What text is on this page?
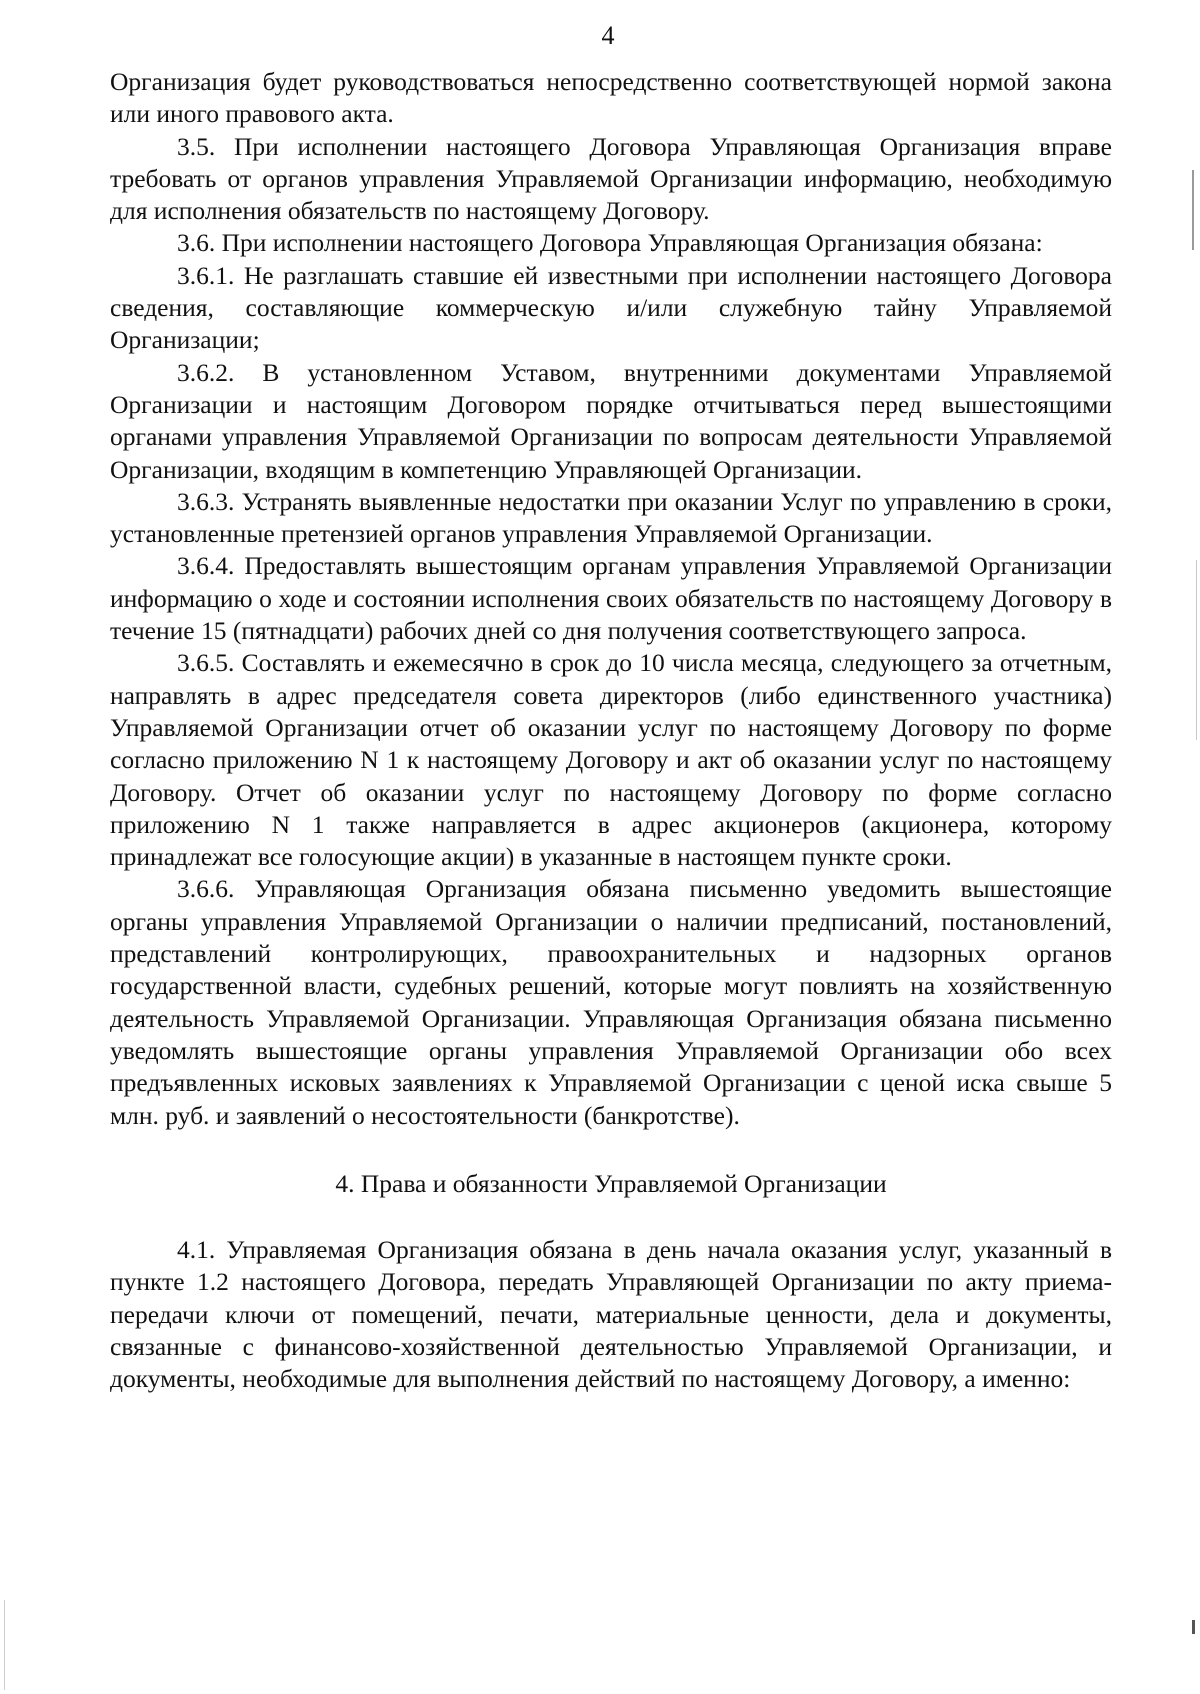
4

Организация будет руководствоваться непосредственно соответствующей нормой закона или иного правового акта.

3.5. При исполнении настоящего Договора Управляющая Организация вправе требовать от органов управления Управляемой Организации информацию, необходимую для исполнения обязательств по настоящему Договору.

3.6. При исполнении настоящего Договора Управляющая Организация обязана:

3.6.1. Не разглашать ставшие ей известными при исполнении настоящего Договора сведения, составляющие коммерческую и/или служебную тайну Управляемой Организации;

3.6.2. В установленном Уставом, внутренними документами Управляемой Организации и настоящим Договором порядке отчитываться перед вышестоящими органами управления Управляемой Организации по вопросам деятельности Управляемой Организации, входящим в компетенцию Управляющей Организации.

3.6.3. Устранять выявленные недостатки при оказании Услуг по управлению в сроки, установленные претензией органов управления Управляемой Организации.

3.6.4. Предоставлять вышестоящим органам управления Управляемой Организации информацию о ходе и состоянии исполнения своих обязательств по настоящему Договору в течение 15 (пятнадцати) рабочих дней со дня получения соответствующего запроса.

3.6.5. Составлять и ежемесячно в срок до 10 числа месяца, следующего за отчетным, направлять в адрес председателя совета директоров (либо единственного участника) Управляемой Организации отчет об оказании услуг по настоящему Договору по форме согласно приложению N 1 к настоящему Договору и акт об оказании услуг по настоящему Договору. Отчет об оказании услуг по настоящему Договору по форме согласно приложению N 1 также направляется в адрес акционеров (акционера, которому принадлежат все голосующие акции) в указанные в настоящем пункте сроки.

3.6.6. Управляющая Организация обязана письменно уведомить вышестоящие органы управления Управляемой Организации о наличии предписаний, постановлений, представлений контролирующих, правоохранительных и надзорных органов государственной власти, судебных решений, которые могут повлиять на хозяйственную деятельность Управляемой Организации. Управляющая Организация обязана письменно уведомлять вышестоящие органы управления Управляемой Организации обо всех предъявленных исковых заявлениях к Управляемой Организации с ценой иска свыше 5 млн. руб. и заявлений о несостоятельности (банкротстве).

4. Права и обязанности Управляемой Организации

4.1. Управляемая Организация обязана в день начала оказания услуг, указанный в пункте 1.2 настоящего Договора, передать Управляющей Организации по акту приема-передачи ключи от помещений, печати, материальные ценности, дела и документы, связанные с финансово-хозяйственной деятельностью Управляемой Организации, и документы, необходимые для выполнения действий по настоящему Договору, а именно:
